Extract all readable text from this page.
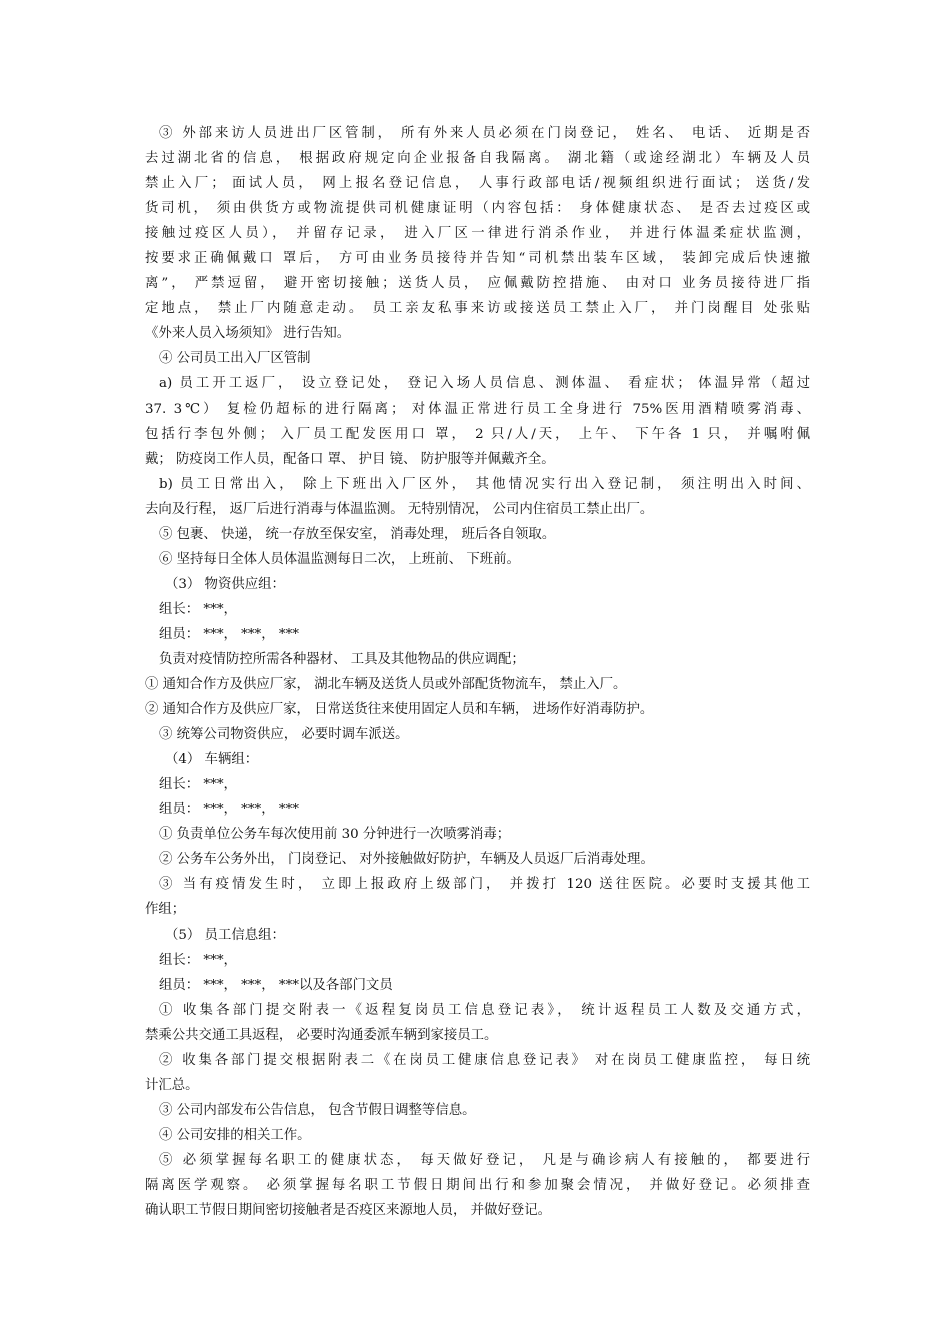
③ 外部来访人员进出厂区管制， 所有外来人员必须在门岗登记， 姓名、 电话、 近期是否
去过湖北省的信息， 根据政府规定向企业报备自我隔离。 湖北籍（或途经湖北）车辆及人员
禁止入厂； 面试人员， 网上报名登记信息， 人事行政部电话/视频组织进行面试； 送货/发
货司机， 须由供货方或物流提供司机健康证明（内容包括： 身体健康状态、 是否去过疫区或
接触过疫区人员）， 并留存记录， 进入厂区一律进行消杀作业， 并进行体温柔症状监测，
按要求正确佩戴口 罩后， 方可由业务员接待并告知“司机禁出装车区域， 装卸完成后快速撤
离”， 严禁逗留， 避开密切接触；送货人员， 应佩戴防控措施、 由对口 业务员接待进厂指
定地点， 禁止厂内随意走动。 员工亲友私事来访或接送员工禁止入厂， 并门岗醒目 处张贴
《外来人员入场须知》 进行告知。
④ 公司员工出入厂区管制
a) 员工开工返厂， 设立登记处， 登记入场人员信息、测体温、 看症状； 体温异常（超过
37. 3℃） 复检仍超标的进行隔离； 对体温正常进行员工全身进行 75%医用酒精喷雾消毒、
包括行李包外侧； 入厂员工配发医用口 罩， 2 只/人/天， 上午、 下午各 1 只， 并嘱咐佩
戴； 防疫岗工作人员，配备口 罩、 护目 镜、 防护服等并佩戴齐全。
b) 员工日常出入， 除上下班出入厂区外， 其他情况实行出入登记制， 须注明出入时间、
去向及行程， 返厂后进行消毒与体温监测。 无特别情况， 公司内住宿员工禁止出厂。
⑤ 包裹、 快递， 统一存放至保安室， 消毒处理， 班后各自领取。
⑥ 坚持每日全体人员体温监测每日二次， 上班前、 下班前。
（3） 物资供应组：
组长： ***，
组员： ***， ***， ***
负责对疫情防控所需各种器材、 工具及其他物品的供应调配；
① 通知合作方及供应厂家， 湖北车辆及送货人员或外部配货物流车， 禁止入厂。
② 通知合作方及供应厂家， 日常送货往来使用固定人员和车辆， 进场作好消毒防护。
③ 统筹公司物资供应， 必要时调车派送。
（4） 车辆组：
组长： ***，
组员： ***， ***， ***
① 负责单位公务车每次使用前 30 分钟进行一次喷雾消毒；
② 公务车公务外出， 门岗登记、 对外接触做好防护，车辆及人员返厂后消毒处理。
③ 当有疫情发生时， 立即上报政府上级部门， 并拨打 120 送往医院。必要时支援其他工
作组；
（5） 员工信息组：
组长： ***，
组员： ***， ***， ***以及各部门文员
① 收集各部门提交附表一《返程复岗员工信息登记表》， 统计返程员工人数及交通方式，
禁乘公共交通工具返程， 必要时沟通委派车辆到家接员工。
② 收集各部门提交根据附表二《在岗员工健康信息登记表》 对在岗员工健康监控， 每日统
计汇总。
③ 公司内部发布公告信息， 包含节假日调整等信息。
④ 公司安排的相关工作。
⑤ 必须掌握每名职工的健康状态， 每天做好登记， 凡是与确诊病人有接触的， 都要进行
隔离医学观察。 必须掌握每名职工节假日期间出行和参加聚会情况， 并做好登记。必须排查
确认职工节假日期间密切接触者是否疫区来源地人员， 并做好登记。
